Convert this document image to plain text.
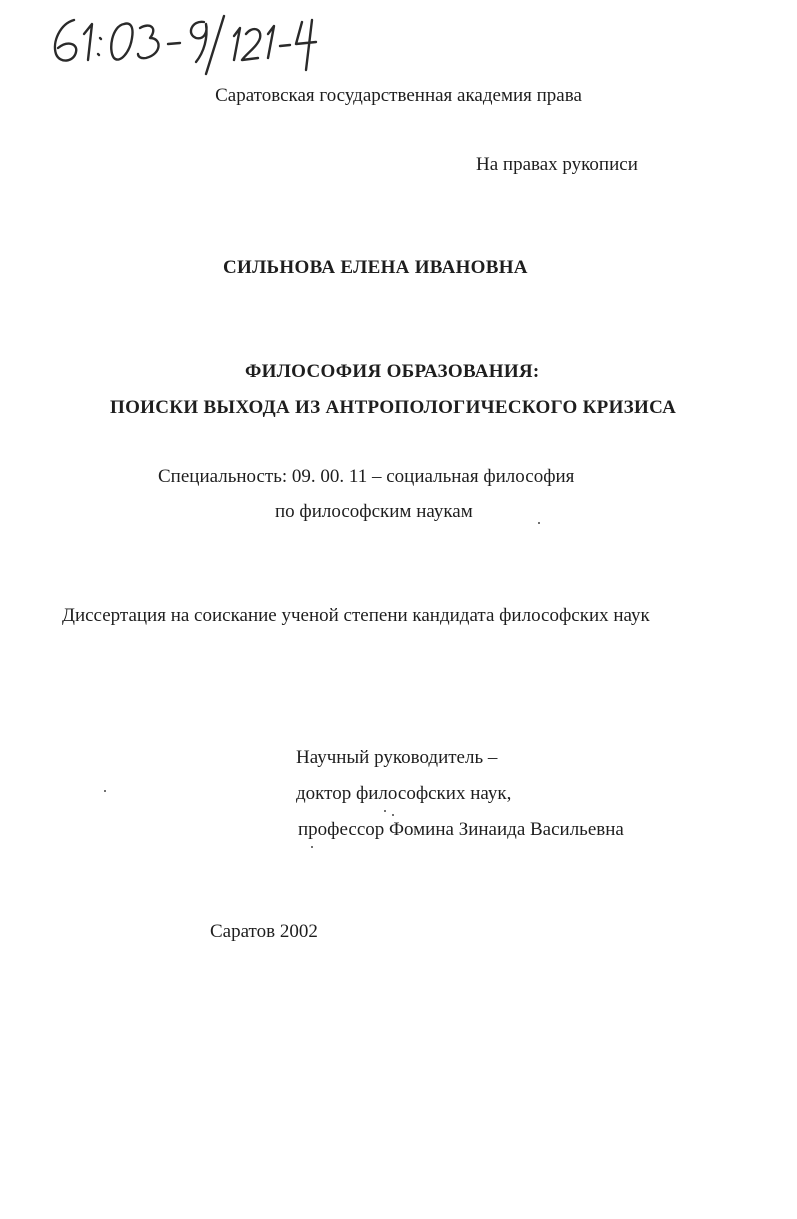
Саратовская государственная академия права
На правах рукописи
СИЛЬНОВА ЕЛЕНА ИВАНОВНА
ФИЛОСОФИЯ ОБРАЗОВАНИЯ:
ПОИСКИ ВЫХОДА ИЗ АНТРОПОЛОГИЧЕСКОГО КРИЗИСА
Специальность: 09. 00. 11 – социальная философия
по философским наукам
Диссертация на соискание ученой степени кандидата философских наук
Научный руководитель –
доктор философских наук,
профессор Фомина Зинаида Васильевна
Саратов 2002
